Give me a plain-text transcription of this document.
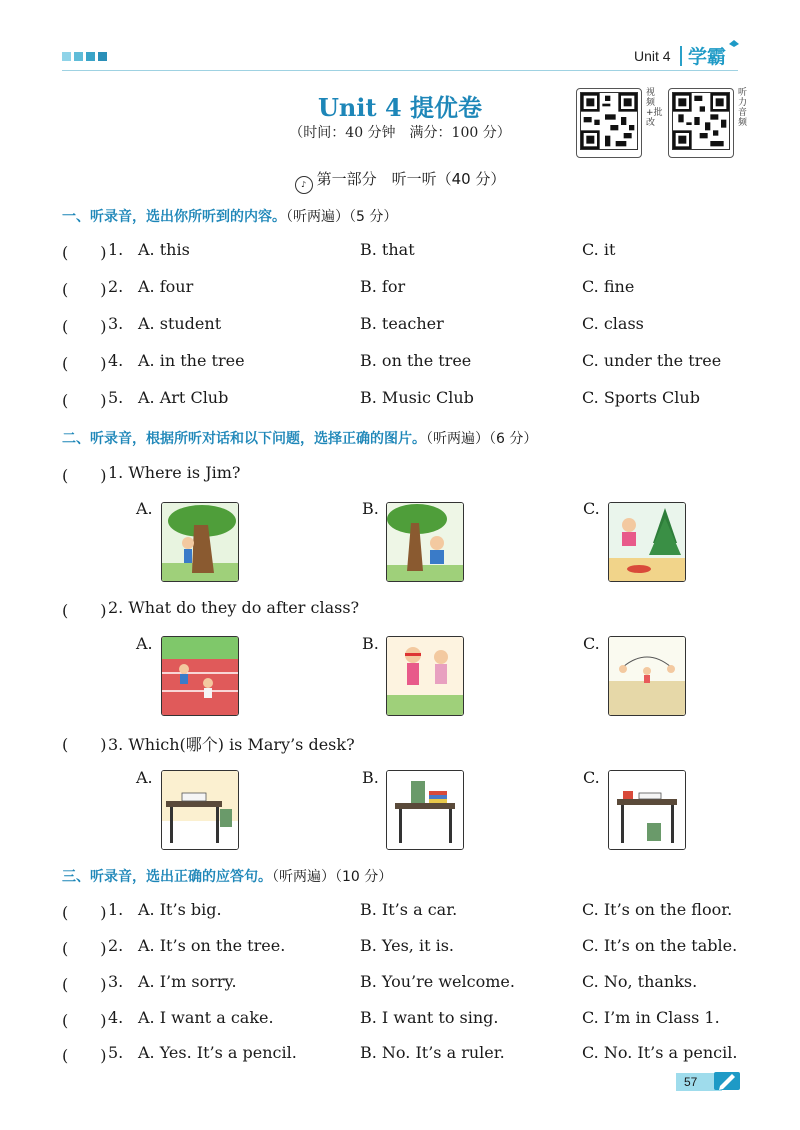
Unit 4 学霸
Unit 4 提优卷
（时间：40 分钟　满分：100 分）
视频+批改
听力音频
♪ 第一部分　听一听（40 分）
一、听录音，选出你所听到的内容。（听两遍）（5 分）
(　　) 1. A. this	B. that	C. it
(　　) 2. A. four	B. for	C. fine
(　　) 3. A. student	B. teacher	C. class
(　　) 4. A. in the tree	B. on the tree	C. under the tree
(　　) 5. A. Art Club	B. Music Club	C. Sports Club
二、听录音，根据所听对话和以下问题，选择正确的图片。（听两遍）（6 分）
(　　) 1. Where is Jim?
A.	B.	C.
(　　) 2. What do they do after class?
A.	B.	C.
(　　) 3. Which(哪个) is Mary’s desk?
A.	B.	C.
三、听录音，选出正确的应答句。（听两遍）（10 分）
(　　) 1. A. It’s big.	B. It’s a car.	C. It’s on the floor.
(　　) 2. A. It’s on the tree.	B. Yes, it is.	C. It’s on the table.
(　　) 3. A. I’m sorry.	B. You’re welcome.	C. No, thanks.
(　　) 4. A. I want a cake.	B. I want to sing.	C. I’m in Class 1.
(　　) 5. A. Yes. It’s a pencil.	B. No. It’s a ruler.	C. No. It’s a pencil.
57
